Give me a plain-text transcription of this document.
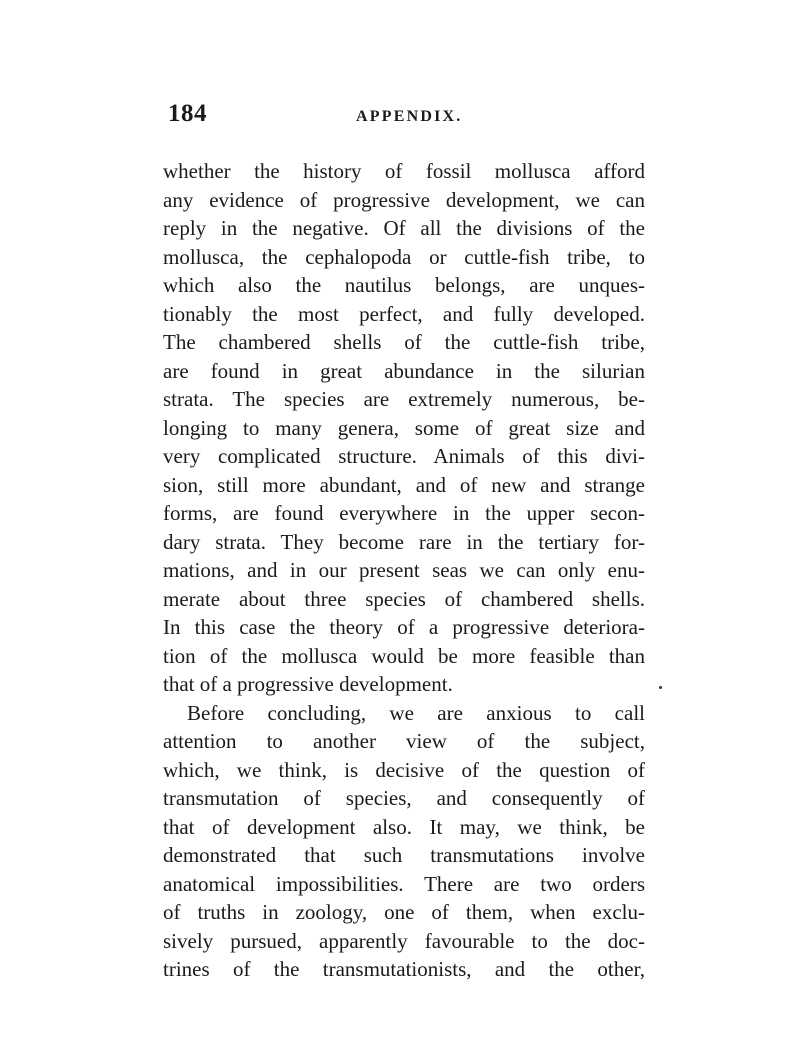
184	APPENDIX.
whether the history of fossil mollusca afford
any evidence of progressive development, we can
reply in the negative. Of all the divisions of the
mollusca, the cephalopoda or cuttle-fish tribe, to
which also the nautilus belongs, are unques-
tionably the most perfect, and fully developed.
The chambered shells of the cuttle-fish tribe,
are found in great abundance in the silurian
strata. The species are extremely numerous, be-
longing to many genera, some of great size and
very complicated structure. Animals of this divi-
sion, still more abundant, and of new and strange
forms, are found everywhere in the upper secon-
dary strata. They become rare in the tertiary for-
mations, and in our present seas we can only enu-
merate about three species of chambered shells.
In this case the theory of a progressive deteriora-
tion of the mollusca would be more feasible than
that of a progressive development.
Before concluding, we are anxious to call
attention to another view of the subject,
which, we think, is decisive of the question of
transmutation of species, and consequently of
that of development also. It may, we think, be
demonstrated that such transmutations involve
anatomical impossibilities. There are two orders
of truths in zoology, one of them, when exclu-
sively pursued, apparently favourable to the doc-
trines of the transmutationists, and the other,
